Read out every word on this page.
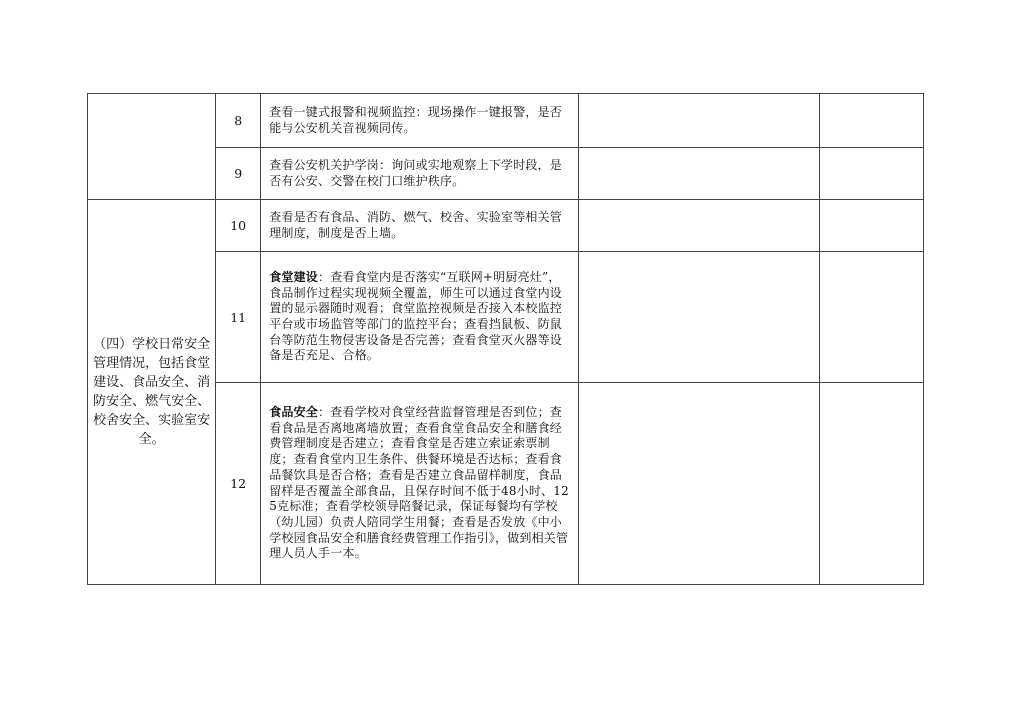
	8	查看一键式报警和视频监控：现场操作一键报警，是否能与公安机关音视频同传。		
	9	查看公安机关护学岗：询问或实地观察上下学时段，是否有公安、交警在校门口维护秩序。		
（四）学校日常安全管理情况，包括食堂建设、食品安全、消防安全、燃气安全、校舍安全、实验室安全。	10	查看是否有食品、消防、燃气、校舍、实验室等相关管理制度，制度是否上墙。		
	11	食堂建设：查看食堂内是否落实“互联网+明厨亮灶”，食品制作过程实现视频全覆盖，师生可以通过食堂内设置的显示器随时观看；食堂监控视频是否接入本校监控平台或市场监管等部门的监控平台；查看挡鼠板、防鼠台等防范生物侵害设备是否完善；查看食堂灭火器等设备是否充足、合格。		
	12	食品安全：查看学校对食堂经营监督管理是否到位；查看食品是否离地离墙放置；查看食堂食品安全和膳食经费管理制度是否建立；查看食堂是否建立索证索票制度；查看食堂内卫生条件、供餐环境是否达标；查看食品餐饮具是否合格；查看是否建立食品留样制度，食品留样是否覆盖全部食品，且保存时间不低于48小时、125克标准；查看学校领导陪餐记录，保证每餐均有学校（幼儿园）负责人陪同学生用餐；查看是否发放《中小学校园食品安全和膳食经费管理工作指引》，做到相关管理人员人手一本。		
